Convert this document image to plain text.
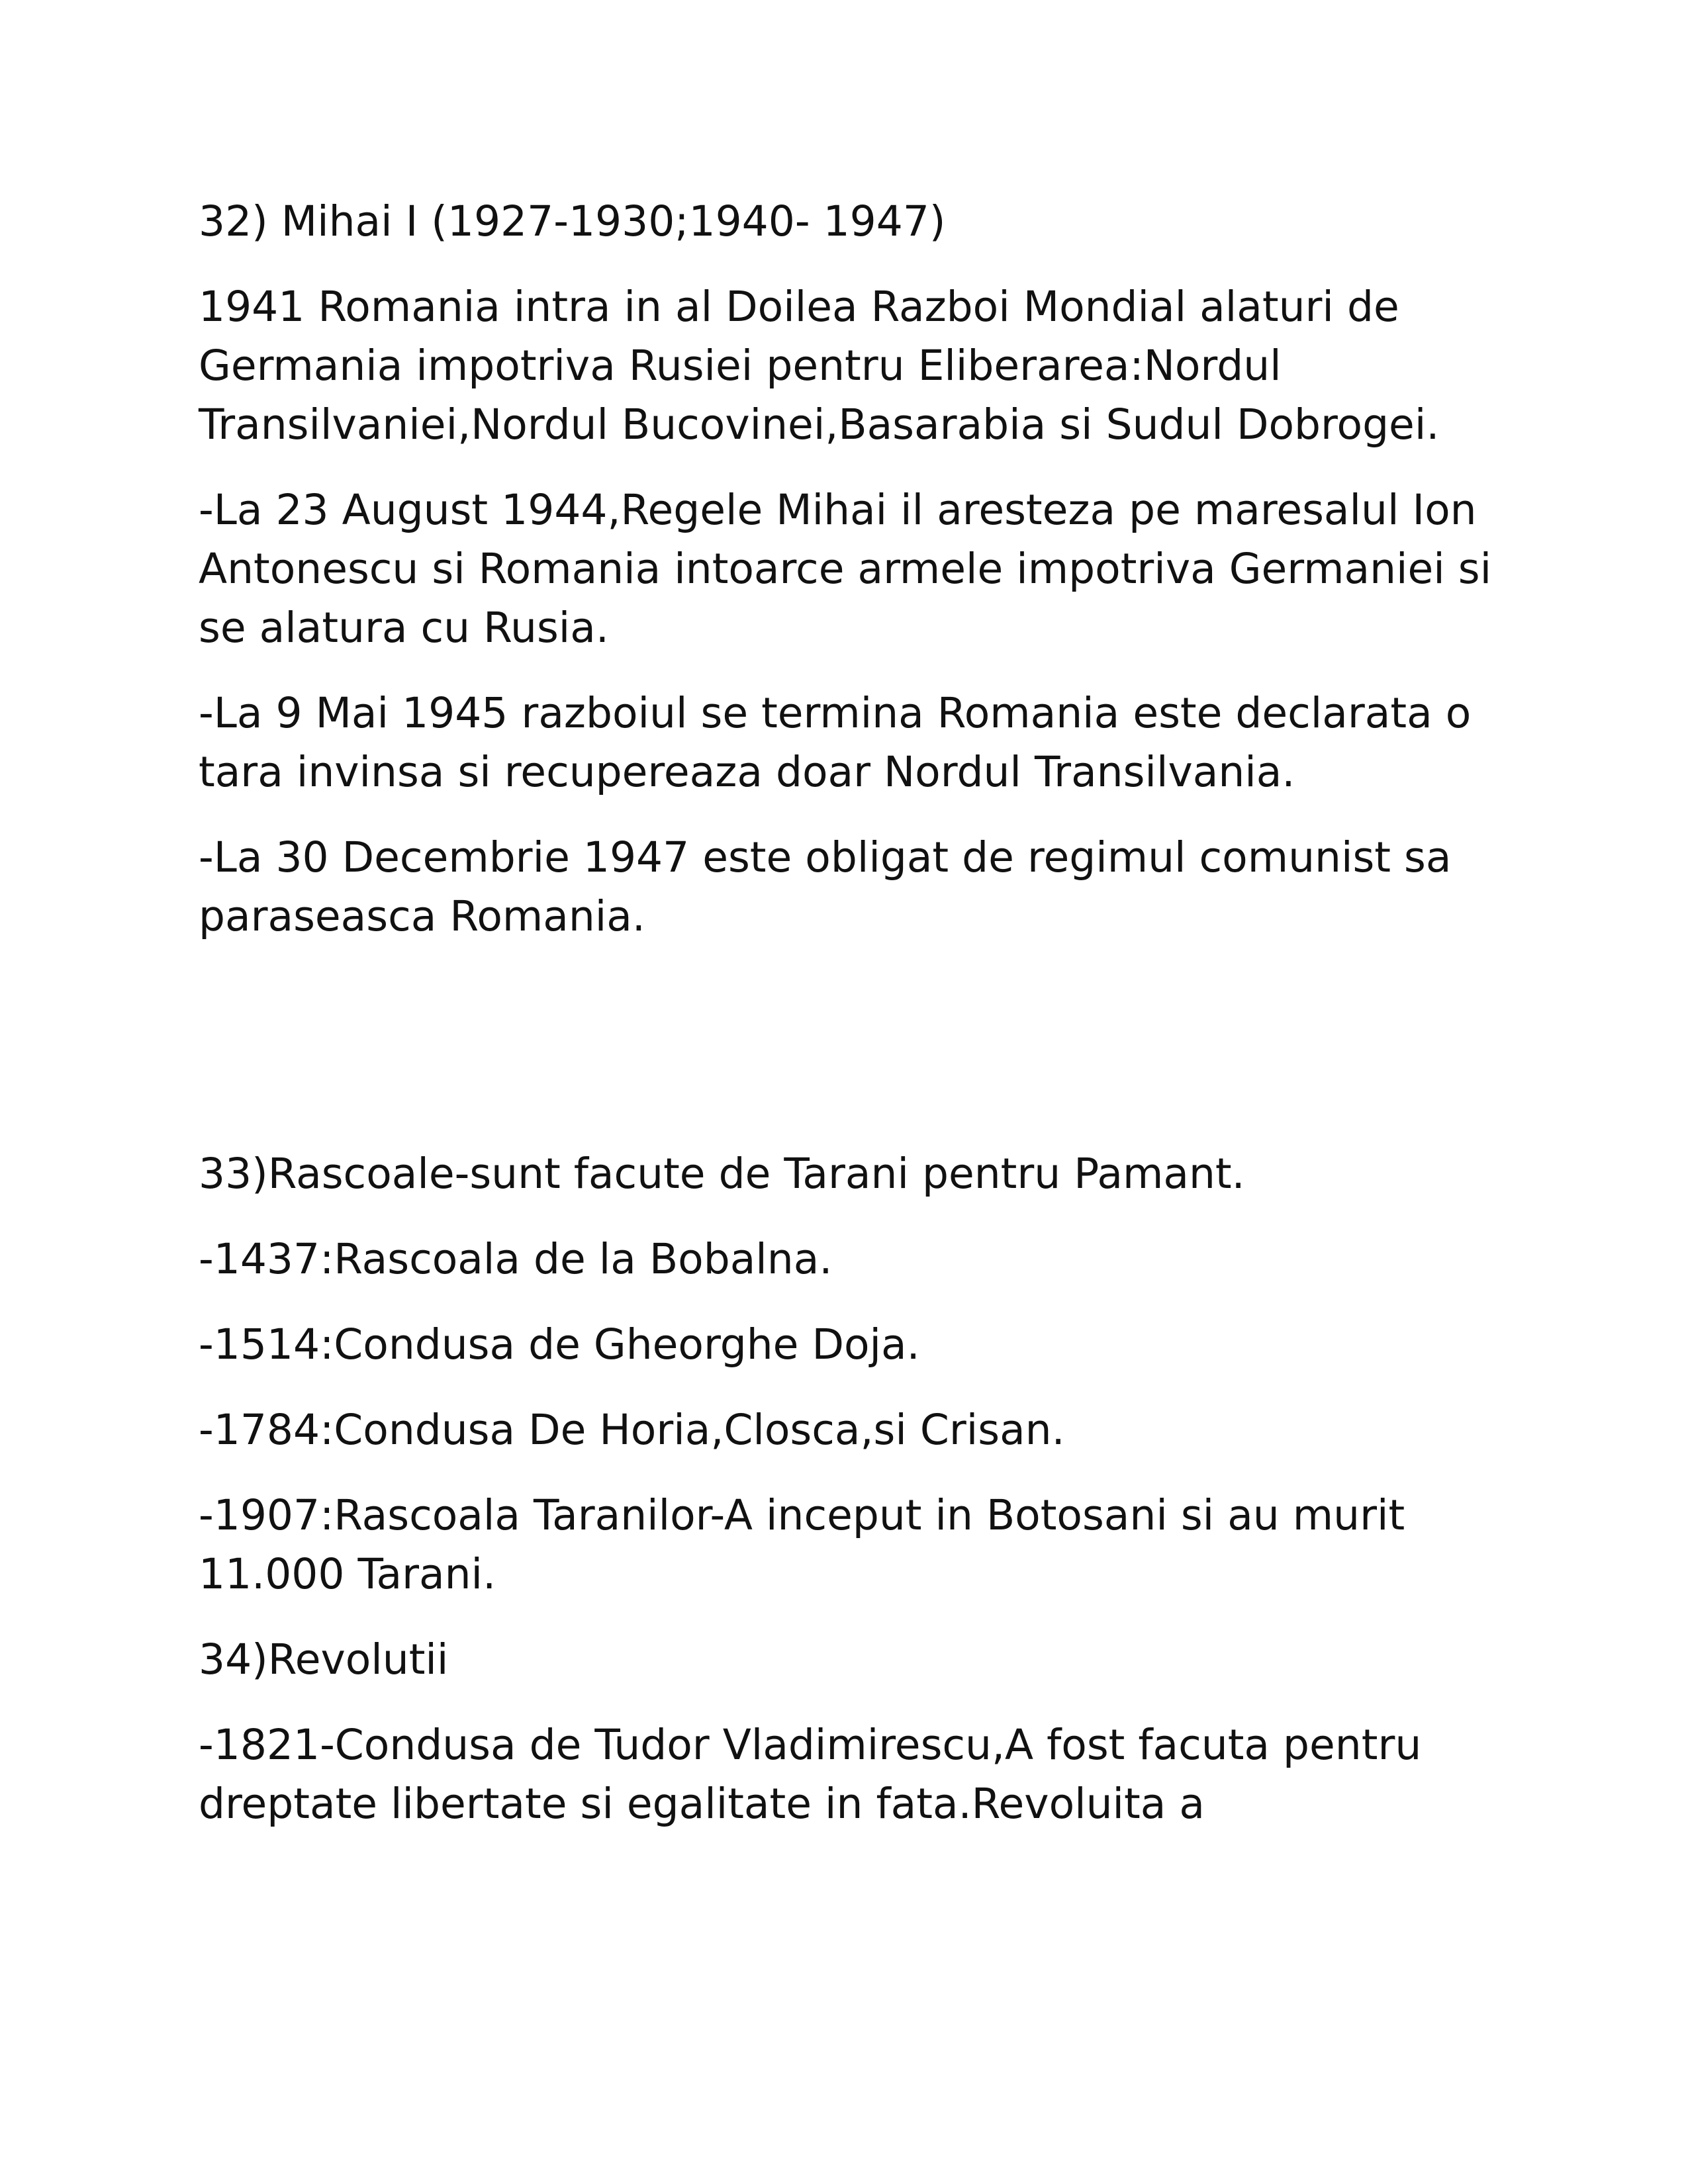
32) Mihai I (1927-1930;1940- 1947)

1941 Romania intra in al Doilea Razboi Mondial alaturi de Germania impotriva Rusiei pentru Eliberarea:Nordul Transilvaniei,Nordul Bucovinei,Basarabia si Sudul Dobrogei.

-La 23 August 1944,Regele Mihai il aresteza pe maresalul Ion Antonescu si Romania intoarce armele impotriva Germaniei si se alatura cu Rusia.

-La 9 Mai 1945 razboiul se termina Romania este declarata o tara invinsa si recupereaza doar Nordul Transilvania.

-La 30 Decembrie 1947 este obligat de regimul comunist sa paraseasca Romania.

33)Rascoale-sunt facute de Tarani pentru Pamant.

-1437:Rascoala de la Bobalna.

-1514:Condusa de Gheorghe Doja.

-1784:Condusa De Horia,Closca,si Crisan.

-1907:Rascoala Taranilor-A inceput in Botosani si au murit 11.000 Tarani.

34)Revolutii

-1821-Condusa de Tudor Vladimirescu,A fost facuta pentru dreptate libertate si egalitate in fata.Revoluita a
